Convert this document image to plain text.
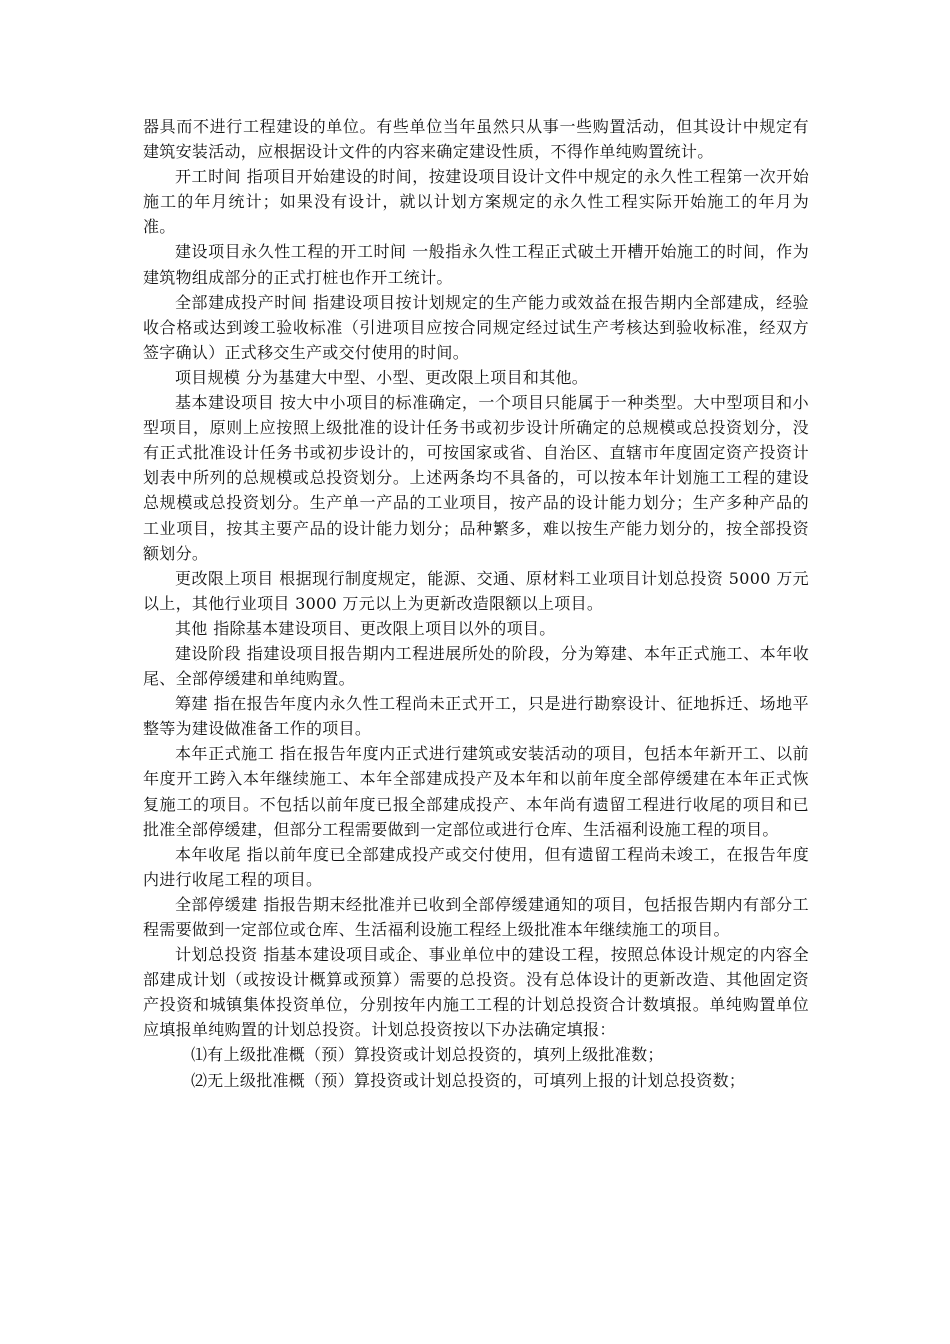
器具而不进行工程建设的单位。有些单位当年虽然只从事一些购置活动，但其设计中规定有建筑安装活动，应根据设计文件的内容来确定建设性质，不得作单纯购置统计。

开工时间 指项目开始建设的时间，按建设项目设计文件中规定的永久性工程第一次开始施工的年月统计；如果没有设计，就以计划方案规定的永久性工程实际开始施工的年月为准。

建设项目永久性工程的开工时间 一般指永久性工程正式破土开槽开始施工的时间，作为建筑物组成部分的正式打桩也作开工统计。

全部建成投产时间 指建设项目按计划规定的生产能力或效益在报告期内全部建成，经验收合格或达到竣工验收标准（引进项目应按合同规定经过试生产考核达到验收标准，经双方签字确认）正式移交生产或交付使用的时间。

项目规模 分为基建大中型、小型、更改限上项目和其他。

基本建设项目 按大中小项目的标准确定，一个项目只能属于一种类型。大中型项目和小型项目，原则上应按照上级批准的设计任务书或初步设计所确定的总规模或总投资划分，没有正式批准设计任务书或初步设计的，可按国家或省、自治区、直辖市年度固定资产投资计划表中所列的总规模或总投资划分。上述两条均不具备的，可以按本年计划施工工程的建设总规模或总投资划分。生产单一产品的工业项目，按产品的设计能力划分；生产多种产品的工业项目，按其主要产品的设计能力划分；品种繁多，难以按生产能力划分的，按全部投资额划分。

更改限上项目 根据现行制度规定，能源、交通、原材料工业项目计划总投资 5000 万元以上，其他行业项目 3000 万元以上为更新改造限额以上项目。

其他 指除基本建设项目、更改限上项目以外的项目。

建设阶段 指建设项目报告期内工程进展所处的阶段，分为筹建、本年正式施工、本年收尾、全部停缓建和单纯购置。

筹建 指在报告年度内永久性工程尚未正式开工，只是进行勘察设计、征地拆迁、场地平整等为建设做准备工作的项目。

本年正式施工 指在报告年度内正式进行建筑或安装活动的项目，包括本年新开工、以前年度开工跨入本年继续施工、本年全部建成投产及本年和以前年度全部停缓建在本年正式恢复施工的项目。不包括以前年度已报全部建成投产、本年尚有遗留工程进行收尾的项目和已批准全部停缓建，但部分工程需要做到一定部位或进行仓库、生活福利设施工程的项目。

本年收尾 指以前年度已全部建成投产或交付使用，但有遗留工程尚未竣工，在报告年度内进行收尾工程的项目。

全部停缓建 指报告期末经批准并已收到全部停缓建通知的项目，包括报告期内有部分工程需要做到一定部位或仓库、生活福利设施工程经上级批准本年继续施工的项目。

计划总投资 指基本建设项目或企、事业单位中的建设工程，按照总体设计规定的内容全部建成计划（或按设计概算或预算）需要的总投资。没有总体设计的更新改造、其他固定资产投资和城镇集体投资单位，分别按年内施工工程的计划总投资合计数填报。单纯购置单位应填报单纯购置的计划总投资。计划总投资按以下办法确定填报：

⑴有上级批准概（预）算投资或计划总投资的，填列上级批准数；

⑵无上级批准概（预）算投资或计划总投资的，可填列上报的计划总投资数；
